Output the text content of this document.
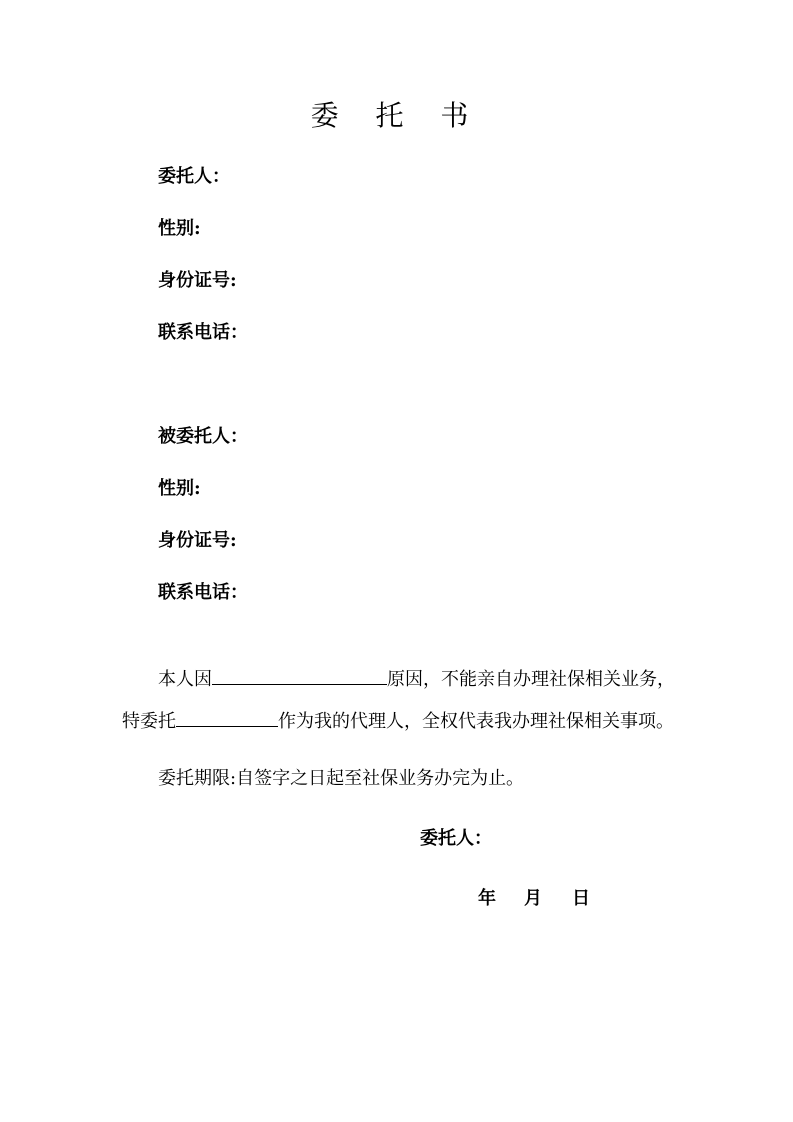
委 托 书
委托人：
性别:
身份证号:
联系电话：
被委托人：
性别:
身份证号:
联系电话：
本人因	原因，不能亲自办理社保相关业务，
特委托	作为我的代理人，全权代表我办理社保相关事项。
委托期限:自签字之日起至社保业务办完为止。
委托人：
年 月 日
